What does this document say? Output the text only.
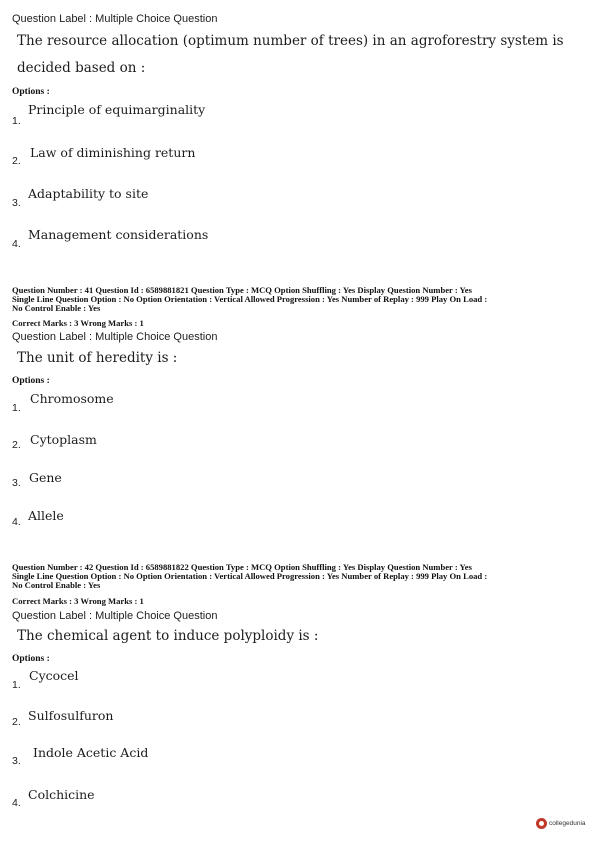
Question Label : Multiple Choice Question
The resource allocation (optimum number of trees) in an agroforestry system is
decided based on :
Options :
1.
Principle of equimarginality
2.
Law of diminishing return
3.
Adaptability to site
4.
Management considerations
Question Number : 41 Question Id : 6589881821 Question Type : MCQ Option Shuffling : Yes Display Question Number : Yes
Single Line Question Option : No Option Orientation : Vertical Allowed Progression : Yes Number of Replay : 999 Play On Load :
No Control Enable : Yes
Correct Marks : 3 Wrong Marks : 1
Question Label : Multiple Choice Question
The unit of heredity is :
Options :
1.
Chromosome
2. Cytoplasm
3. Gene
4. Allele
Question Number : 42 Question Id : 6589881822 Question Type : MCQ Option Shuffling : Yes Display Question Number : Yes
Single Line Question Option : No Option Orientation : Vertical Allowed Progression : Yes Number of Replay : 999 Play On Load :
No Control Enable : Yes
Correct Marks : 3 Wrong Marks : 1
Question Label : Multiple Choice Question
The chemical agent to induce polyploidy is :
Options :
1.
Cycocel
2. Sulfosulfuron
3.
Indole Acetic Acid
4.
Colchicine
collegedunia
